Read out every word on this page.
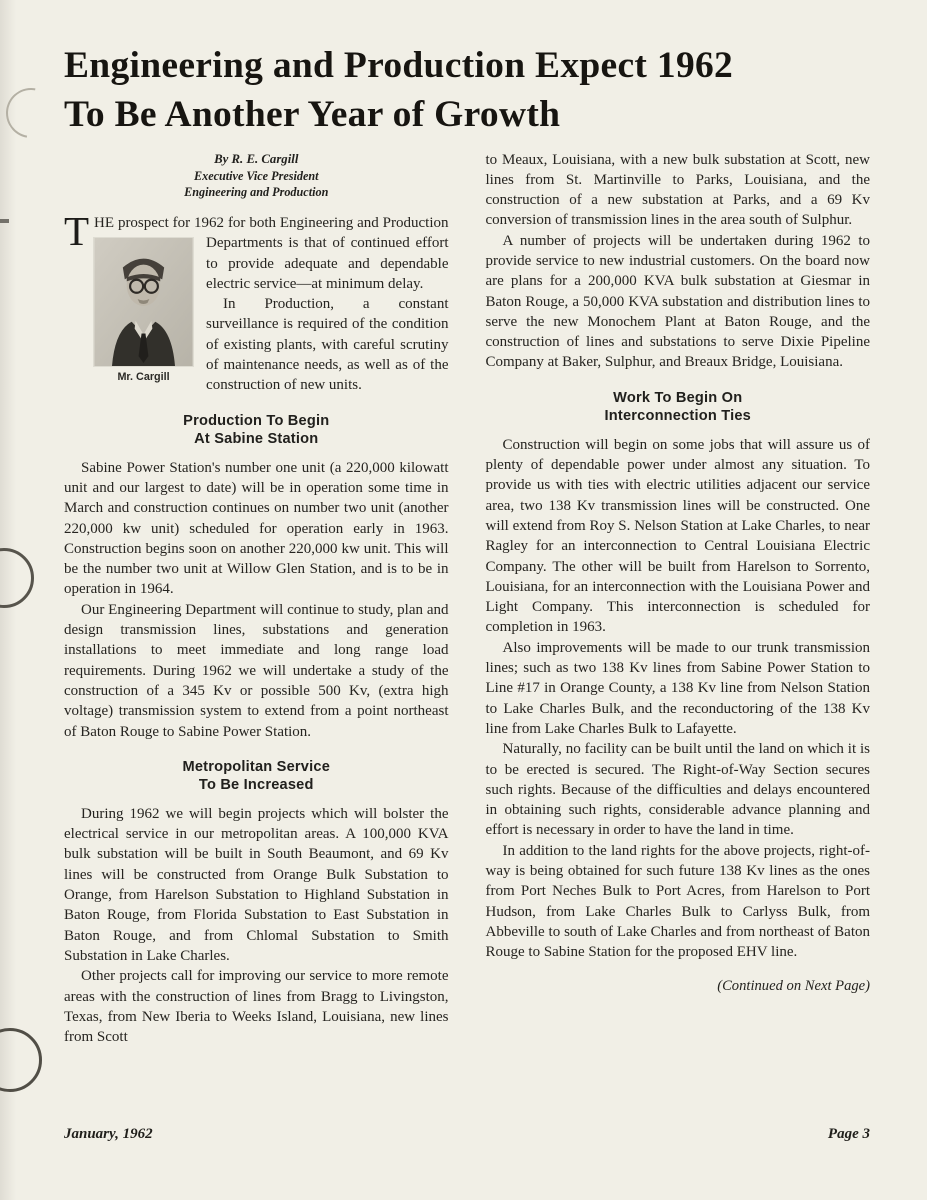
Engineering and Production Expect 1962
To Be Another Year of Growth
By R. E. Cargill
Executive Vice President
Engineering and Production

THE prospect for 1962 for both Engineering and Production Departments is that of continued
Mr. Cargill
effort to provide adequate and dependable electric service—at minimum delay.

In Production, a constant surveillance is required of the condition of existing plants, with careful scrutiny of maintenance needs, as well as of the construction of new units.

Production To Begin
At Sabine Station

Sabine Power Station's number one unit (a 220,000 kilowatt unit and our largest to date) will be in operation some time in March and construction continues on number two unit (another 220,000 kw unit) scheduled for operation early in 1963. Construction begins soon on another 220,000 kw unit. This will be the number two unit at Willow Glen Station, and is to be in operation in 1964.

Our Engineering Department will continue to study, plan and design transmission lines, substations and generation installations to meet immediate and long range load requirements. During 1962 we will undertake a study of the construction of a 345 Kv or possible 500 Kv, (extra high voltage) transmission system to extend from a point northeast of Baton Rouge to Sabine Power Station.

Metropolitan Service
To Be Increased

During 1962 we will begin projects which will bolster the electrical service in our metropolitan areas. A 100,000 KVA bulk substation will be built in South Beaumont, and 69 Kv lines will be constructed from Orange Bulk Substation to Orange, from Harelson Substation to Highland Substation in Baton Rouge, from Florida Substation to East Substation in Baton Rouge, and from Chlomal Substation to Smith Substation in Lake Charles.

Other projects call for improving our service to more remote areas with the construction of lines from Bragg to Livingston, Texas, from New Iberia to Weeks Island, Louisiana, new lines from Scott

to Meaux, Louisiana, with a new bulk substation at Scott, new lines from St. Martinville to Parks, Louisiana, and the construction of a new substation at Parks, and a 69 Kv conversion of transmission lines in the area south of Sulphur.

A number of projects will be undertaken during 1962 to provide service to new industrial customers. On the board now are plans for a 200,000 KVA bulk substation at Giesmar in Baton Rouge, a 50,000 KVA substation and distribution lines to serve the new Monochem Plant at Baton Rouge, and the construction of lines and substations to serve Dixie Pipeline Company at Baker, Sulphur, and Breaux Bridge, Louisiana.

Work To Begin On
Interconnection Ties

Construction will begin on some jobs that will assure us of plenty of dependable power under almost any situation. To provide us with ties with electric utilities adjacent our service area, two 138 Kv transmission lines will be constructed. One will extend from Roy S. Nelson Station at Lake Charles, to near Ragley for an interconnection to Central Louisiana Electric Company. The other will be built from Harelson to Sorrento, Louisiana, for an interconnection with the Louisiana Power and Light Company. This interconnection is scheduled for completion in 1963.

Also improvements will be made to our trunk transmission lines; such as two 138 Kv lines from Sabine Power Station to Line #17 in Orange County, a 138 Kv line from Nelson Station to Lake Charles Bulk, and the reconductoring of the 138 Kv line from Lake Charles Bulk to Lafayette.

Naturally, no facility can be built until the land on which it is to be erected is secured. The Right-of-Way Section secures such rights. Because of the difficulties and delays encountered in obtaining such rights, considerable advance planning and effort is necessary in order to have the land in time.

In addition to the land rights for the above projects, right-of-way is being obtained for such future 138 Kv lines as the ones from Port Neches Bulk to Port Acres, from Harelson to Port Hudson, from Lake Charles Bulk to Carlyss Bulk, from Abbeville to south of Lake Charles and from northeast of Baton Rouge to Sabine Station for the proposed EHV line.

(Continued on Next Page)
January, 1962	Page 3
